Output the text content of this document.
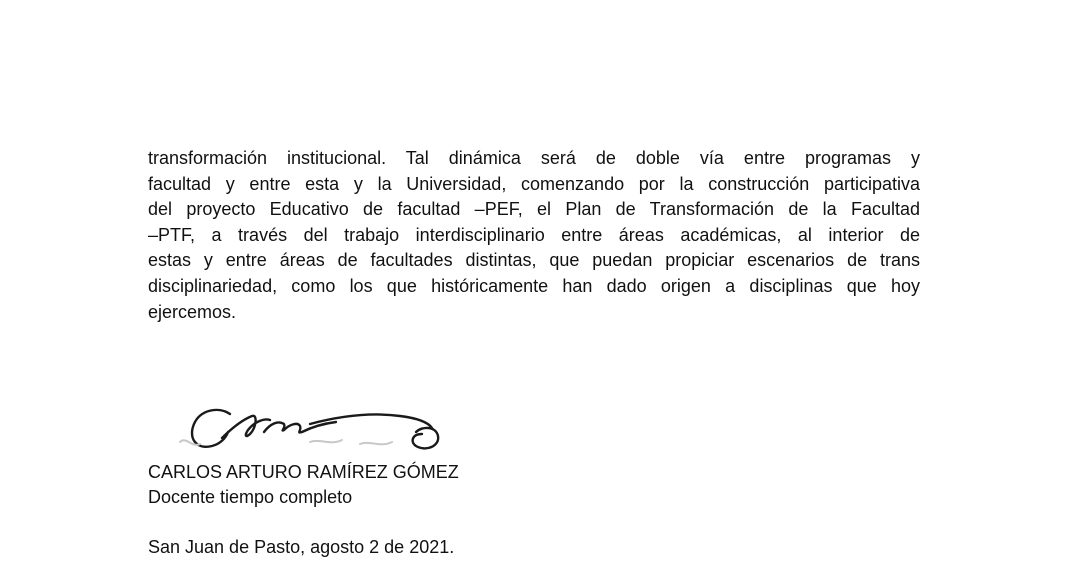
transformación institucional. Tal dinámica será de doble vía entre programas y
facultad y entre esta y la Universidad, comenzando por la construcción participativa
del proyecto Educativo de facultad –PEF, el Plan de Transformación de la Facultad
–PTF, a través del trabajo interdisciplinario entre áreas académicas, al interior de
estas y entre áreas de facultades distintas, que puedan propiciar escenarios de trans
disciplinariedad, como los que históricamente han dado origen a disciplinas que hoy
ejercemos.

CARLOS ARTURO RAMÍREZ GÓMEZ
Docente tiempo completo
San Juan de Pasto, agosto 2 de 2021.
